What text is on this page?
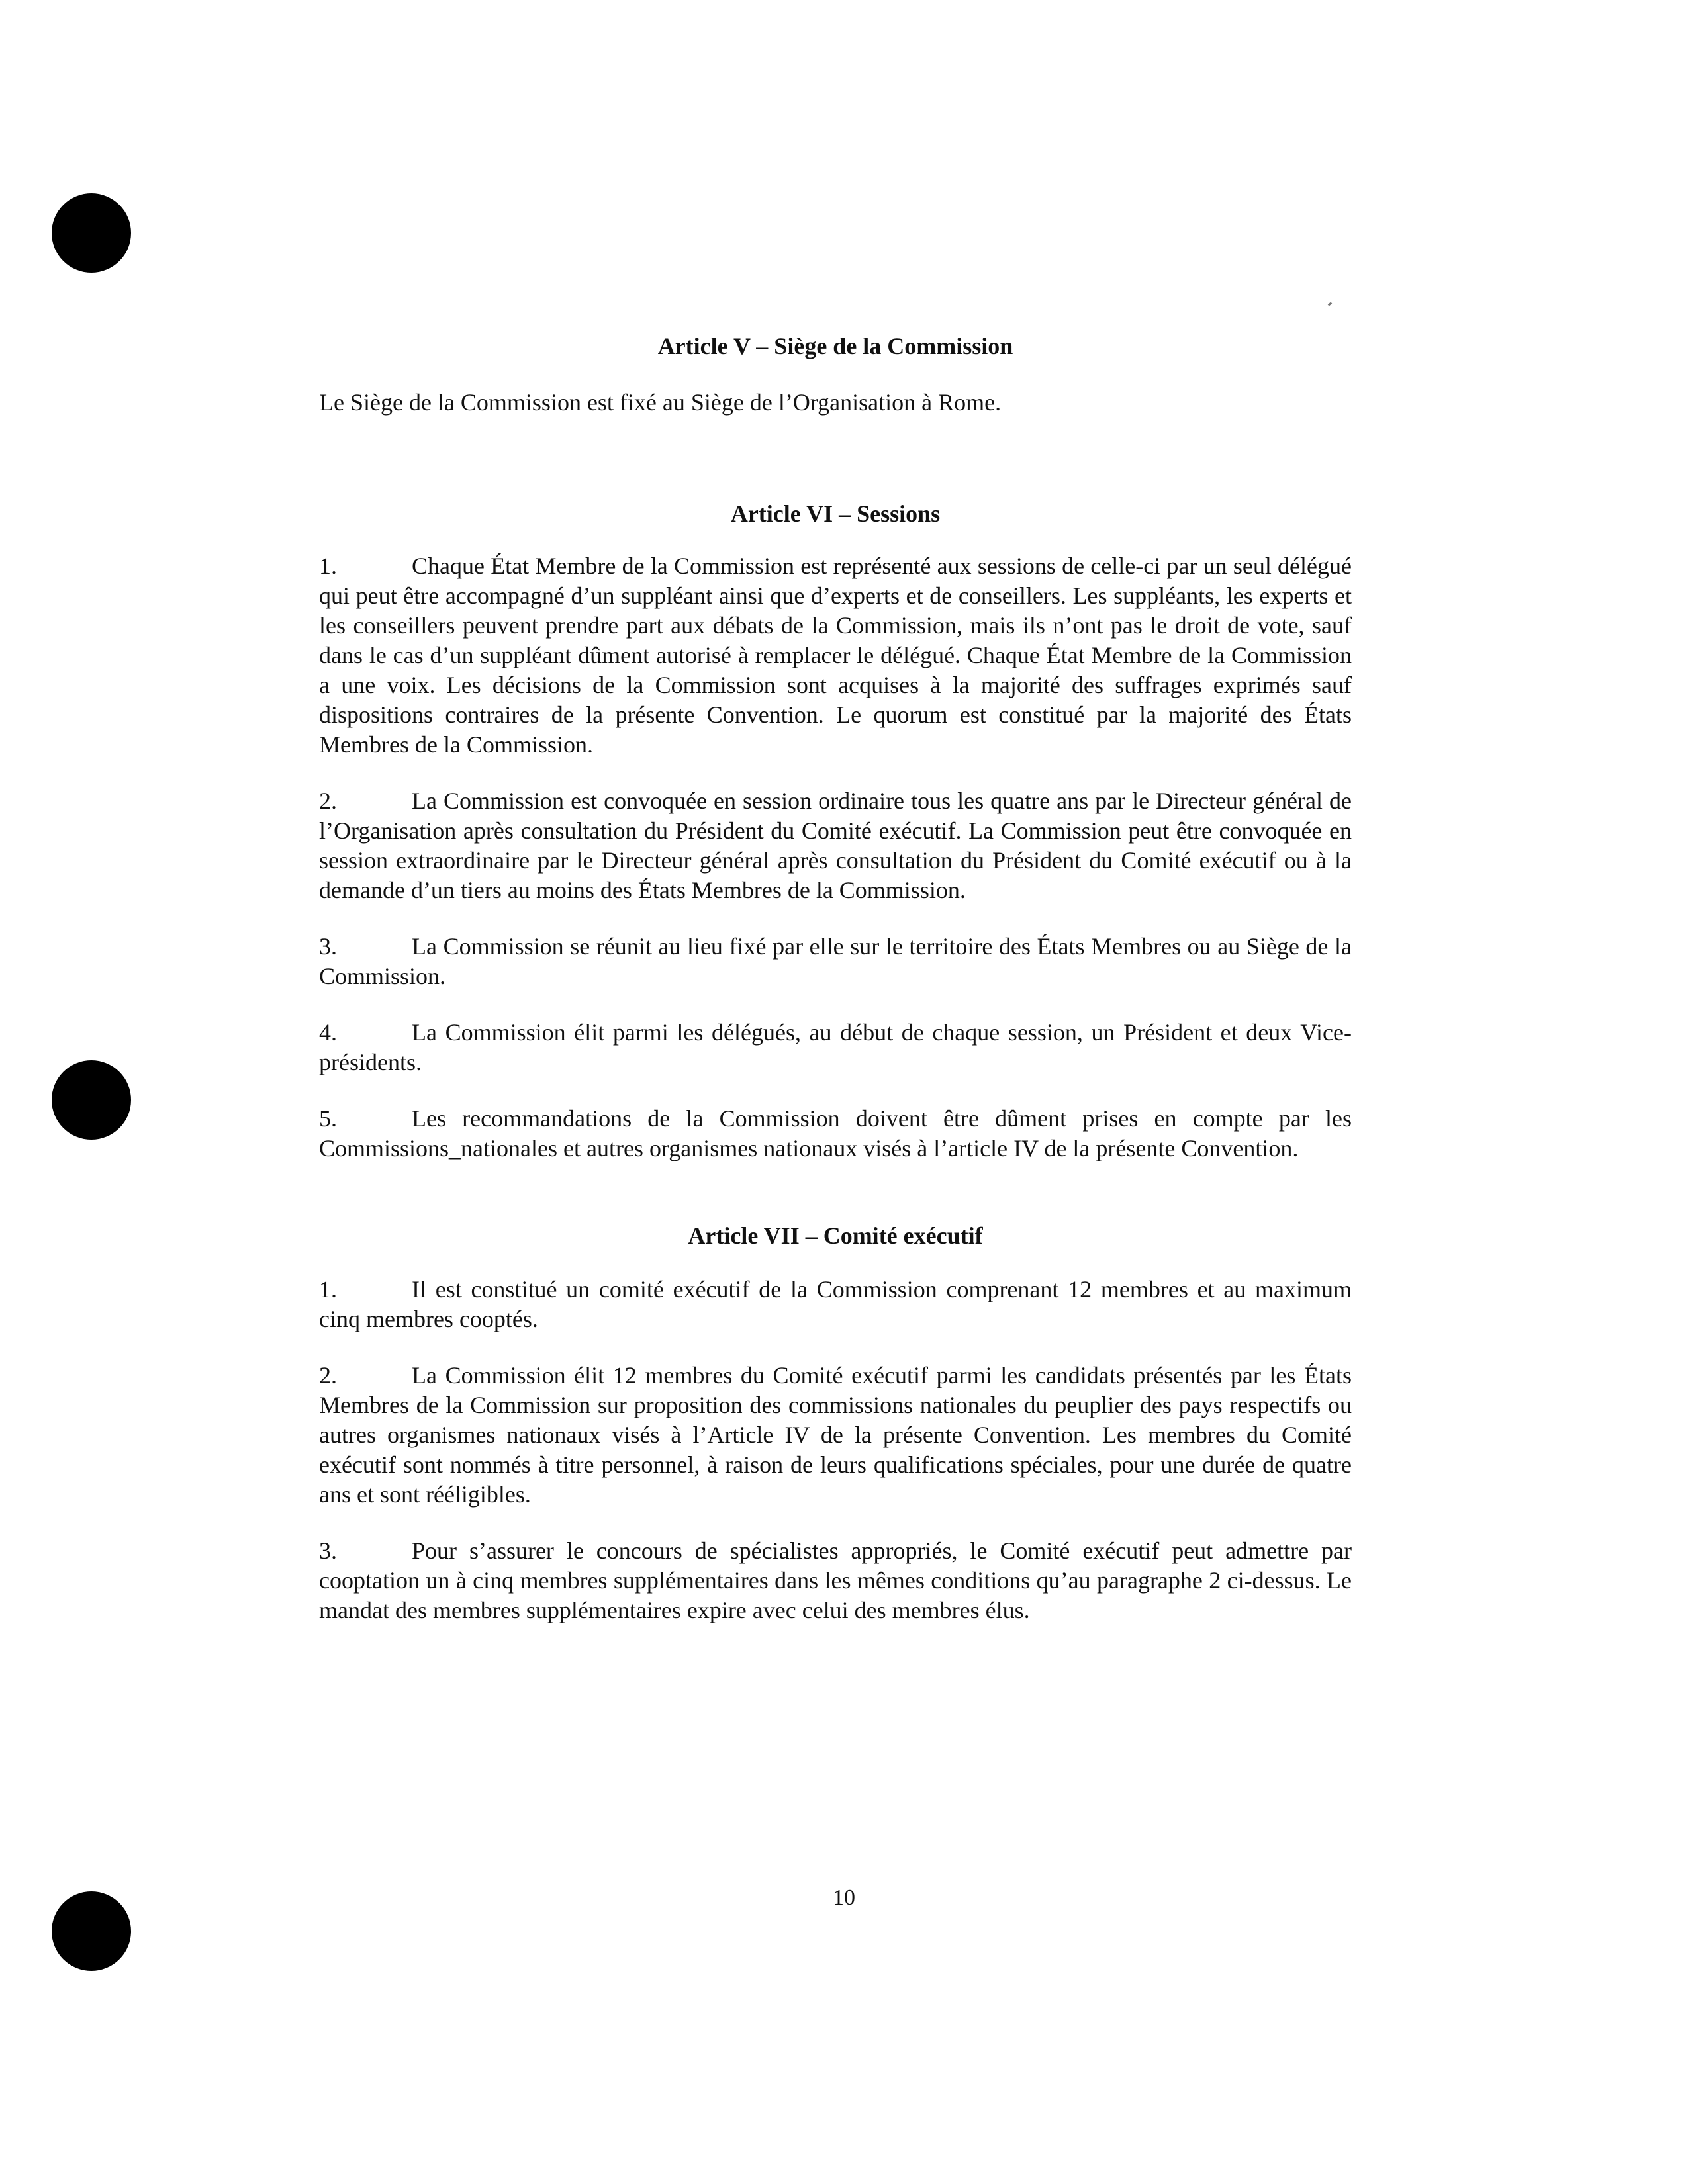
Article V – Siège de la Commission

Le Siège de la Commission est fixé au Siège de l’Organisation à Rome.

Article VI – Sessions

1.	Chaque État Membre de la Commission est représenté aux sessions de celle-ci par un seul délégué qui peut être accompagné d’un suppléant ainsi que d’experts et de conseillers. Les suppléants, les experts et les conseillers peuvent prendre part aux débats de la Commission, mais ils n’ont pas le droit de vote, sauf dans le cas d’un suppléant dûment autorisé à remplacer le délégué. Chaque État Membre de la Commission a une voix. Les décisions de la Commission sont acquises à la majorité des suffrages exprimés sauf dispositions contraires de la présente Convention. Le quorum est constitué par la majorité des États Membres de la Commission.

2.	La Commission est convoquée en session ordinaire tous les quatre ans par le Directeur général de l’Organisation après consultation du Président du Comité exécutif. La Commission peut être convoquée en session extraordinaire par le Directeur général après consultation du Président du Comité exécutif ou à la demande d’un tiers au moins des États Membres de la Commission.

3.	La Commission se réunit au lieu fixé par elle sur le territoire des États Membres ou au Siège de la Commission.

4.	La Commission élit parmi les délégués, au début de chaque session, un Président et deux Vice-présidents.

5.	Les recommandations de la Commission doivent être dûment prises en compte par les Commissions_nationales et autres organismes nationaux visés à l’article IV de la présente Convention.

Article VII – Comité exécutif

1.	Il est constitué un comité exécutif de la Commission comprenant 12 membres et au maximum cinq membres cooptés.

2.	La Commission élit 12 membres du Comité exécutif parmi les candidats présentés par les États Membres de la Commission sur proposition des commissions nationales du peuplier des pays respectifs ou autres organismes nationaux visés à l’Article IV de la présente Convention. Les membres du Comité exécutif sont nommés à titre personnel, à raison de leurs qualifications spéciales, pour une durée de quatre ans et sont rééligibles.

3.	Pour s’assurer le concours de spécialistes appropriés, le Comité exécutif peut admettre par cooptation un à cinq membres supplémentaires dans les mêmes conditions qu’au paragraphe 2 ci-dessus. Le mandat des membres supplémentaires expire avec celui des membres élus.

10
